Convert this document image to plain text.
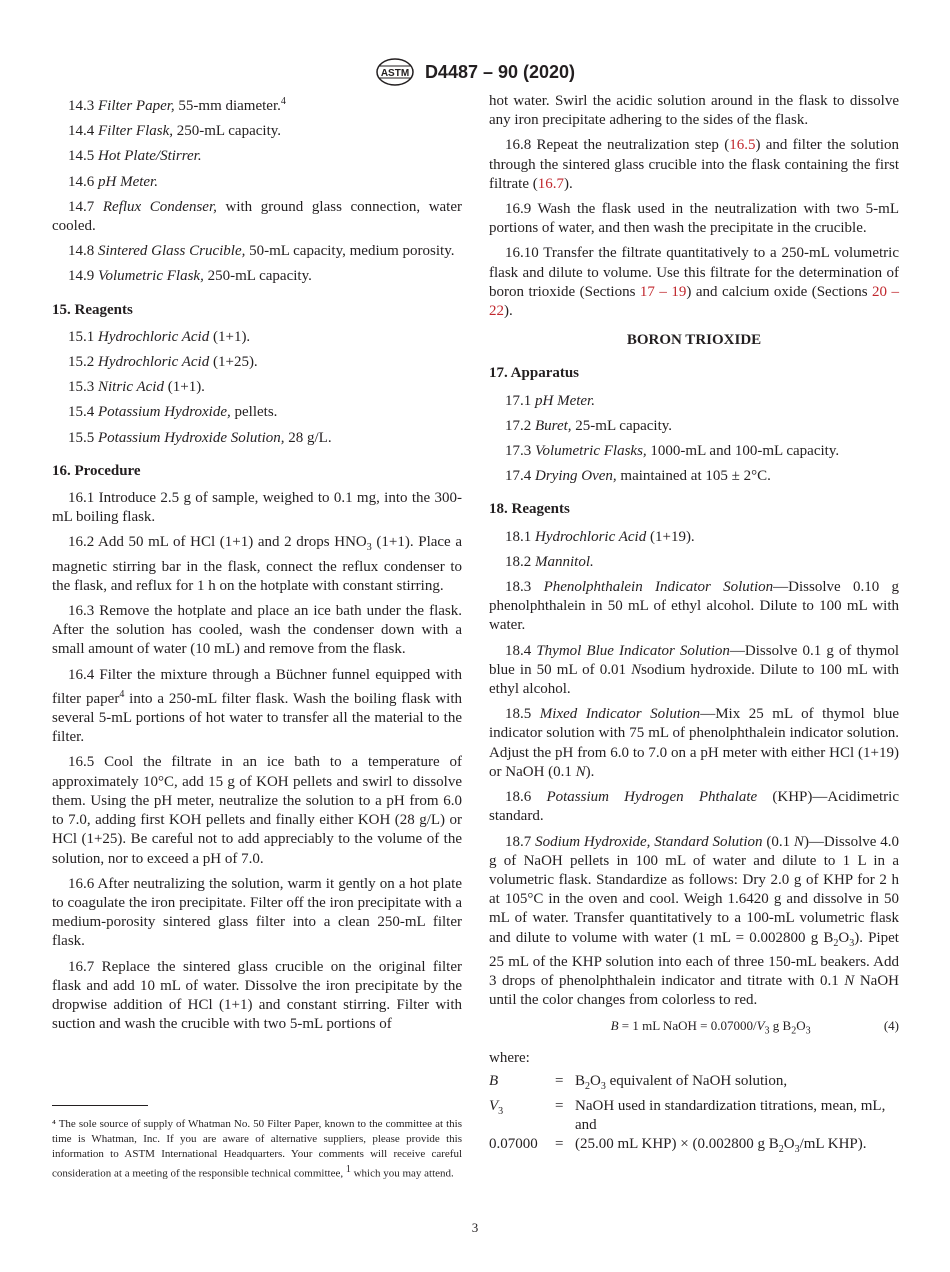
ASTM D4487 – 90 (2020)

14.3 Filter Paper, 55-mm diameter.$^4$

14.4 Filter Flask, 250-mL capacity.

14.5 Hot Plate/Stirrer.

14.6 pH Meter.

14.7 Reflux Condenser, with ground glass connection, water cooled.

14.8 Sintered Glass Crucible, 50-mL capacity, medium porosity.

14.9 Volumetric Flask, 250-mL capacity.

15. Reagents

15.1 Hydrochloric Acid (1+1).

15.2 Hydrochloric Acid (1+25).

15.3 Nitric Acid (1+1).

15.4 Potassium Hydroxide, pellets.

15.5 Potassium Hydroxide Solution, 28 g/L.

16. Procedure

16.1 Introduce 2.5 g of sample, weighed to 0.1 mg, into the 300-mL boiling flask.

16.2 Add 50 mL of HCl (1+1) and 2 drops $HNO_3$ (1+1). Place a magnetic stirring bar in the flask, connect the reflux condenser to the flask, and reflux for 1 h on the hotplate with constant stirring.

16.3 Remove the hotplate and place an ice bath under the flask. After the solution has cooled, wash the condenser down with a small amount of water (10 mL) and remove from the flask.

16.4 Filter the mixture through a Büchner funnel equipped with filter paper$^4$ into a 250-mL filter flask. Wash the boiling flask with several 5-mL portions of hot water to transfer all the material to the filter.

16.5 Cool the filtrate in an ice bath to a temperature of approximately 10°C, add 15 g of KOH pellets and swirl to dissolve them. Using the pH meter, neutralize the solution to a pH from 6.0 to 7.0, adding first KOH pellets and finally either KOH (28 g/L) or HCl (1+25). Be careful not to add appreciably to the volume of the solution, nor to exceed a pH of 7.0.

16.6 After neutralizing the solution, warm it gently on a hot plate to coagulate the iron precipitate. Filter off the iron precipitate with a medium-porosity sintered glass filter into a clean 250-mL filter flask.

16.7 Replace the sintered glass crucible on the original filter flask and add 10 mL of water. Dissolve the iron precipitate by the dropwise addition of HCl (1+1) and constant stirring. Filter with suction and wash the crucible with two 5-mL portions of

⁴ The sole source of supply of Whatman No. 50 Filter Paper, known to the committee at this time is Whatman, Inc. If you are aware of alternative suppliers, please provide this information to ASTM International Headquarters. Your comments will receive careful consideration at a meeting of the responsible technical committee, $^1$ which you may attend.

hot water. Swirl the acidic solution around in the flask to dissolve any iron precipitate adhering to the sides of the flask.

16.8 Repeat the neutralization step (16.5) and filter the solution through the sintered glass crucible into the flask containing the first filtrate (16.7).

16.9 Wash the flask used in the neutralization with two 5-mL portions of water, and then wash the precipitate in the crucible.

16.10 Transfer the filtrate quantitatively to a 250-mL volumetric flask and dilute to volume. Use this filtrate for the determination of boron trioxide (Sections 17 – 19) and calcium oxide (Sections 20 – 22).

BORON TRIOXIDE
17. Apparatus

17.1 pH Meter.

17.2 Buret, 25-mL capacity.

17.3 Volumetric Flasks, 1000-mL and 100-mL capacity.

17.4 Drying Oven, maintained at 105 ± 2°C.

18. Reagents

18.1 Hydrochloric Acid (1+19).

18.2 Mannitol.

18.3 Phenolphthalein Indicator Solution—Dissolve 0.10 g phenolphthalein in 50 mL of ethyl alcohol. Dilute to 100 mL with water.

18.4 Thymol Blue Indicator Solution—Dissolve 0.1 g of thymol blue in 50 mL of 0.01 Nsodium hydroxide. Dilute to 100 mL with ethyl alcohol.

18.5 Mixed Indicator Solution—Mix 25 mL of thymol blue indicator solution with 75 mL of phenolphthalein indicator solution. Adjust the pH from 6.0 to 7.0 on a pH meter with either HCl (1+19) or NaOH (0.1 N).

18.6 Potassium Hydrogen Phthalate (KHP)—Acidimetric standard.

18.7 Sodium Hydroxide, Standard Solution (0.1 N)—Dissolve 4.0 g of NaOH pellets in 100 mL of water and dilute to 1 L in a volumetric flask. Standardize as follows: Dry 2.0 g of KHP for 2 h at 105°C in the oven and cool. Weigh 1.6420 g and dissolve in 50 mL of water. Transfer quantitatively to a 100-mL volumetric flask and dilute to volume with water (1 mL = 0.002800 g $B_2O_3$). Pipet 25 mL of the KHP solution into each of three 150-mL beakers. Add 3 drops of phenolphthalein indicator and titrate with 0.1 N NaOH until the color changes from colorless to red.

B = 1 mL NaOH = $0.07000/V_3$ g $B_2O_3$	(4)

where:

B	=	$B_2O_3$ equivalent of NaOH solution,
$V_3$	=	NaOH used in standardization titrations, mean, mL, and
0.07000	=	(25.00 mL KHP) × (0.002800 g $B_2O_3/mL$ KHP).
3
